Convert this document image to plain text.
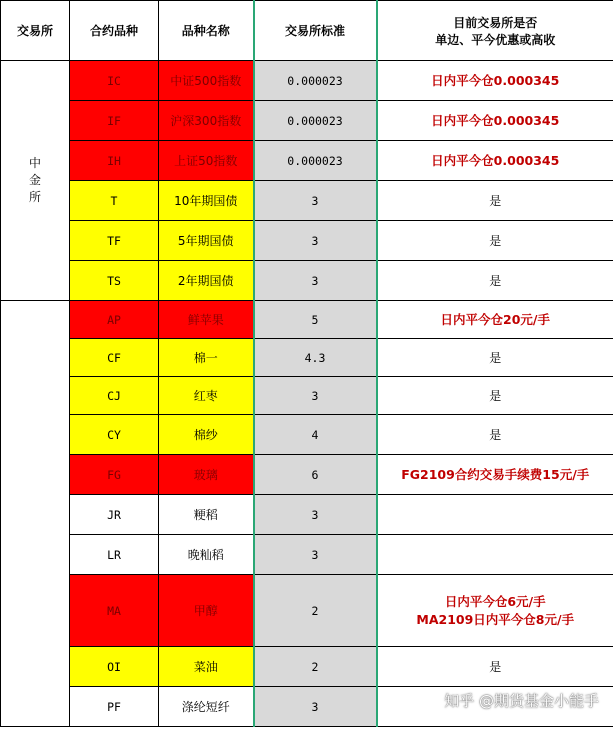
交易所	合约品种	品种名称	交易所标准	目前交易所是否
单边、平今优惠或高收

中
金
所	IC	中证500指数	0.000023	日内平今仓0.000345

	IF	沪深300指数	0.000023	日内平今仓0.000345

	IH	上证50指数	0.000023	日内平今仓0.000345

	T	10年期国债	3	是

	TF	5年期国债	3	是

	TS	2年期国债	3	是

	AP	鲜苹果	5	日内平今仓20元/手

	CF	棉一	4.3	是

	CJ	红枣	3	是

	CY	棉纱	4	是

	FG	玻璃	6	FG2109合约交易手续费15元/手

	JR	粳稻	3	

	LR	晚籼稻	3	

	MA	甲醇	2	日内平今仓6元/手
MA2109日内平今仓8元/手

	OI	菜油	2	是

	PF	涤纶短纤	3		知乎 @期货基金小能手
